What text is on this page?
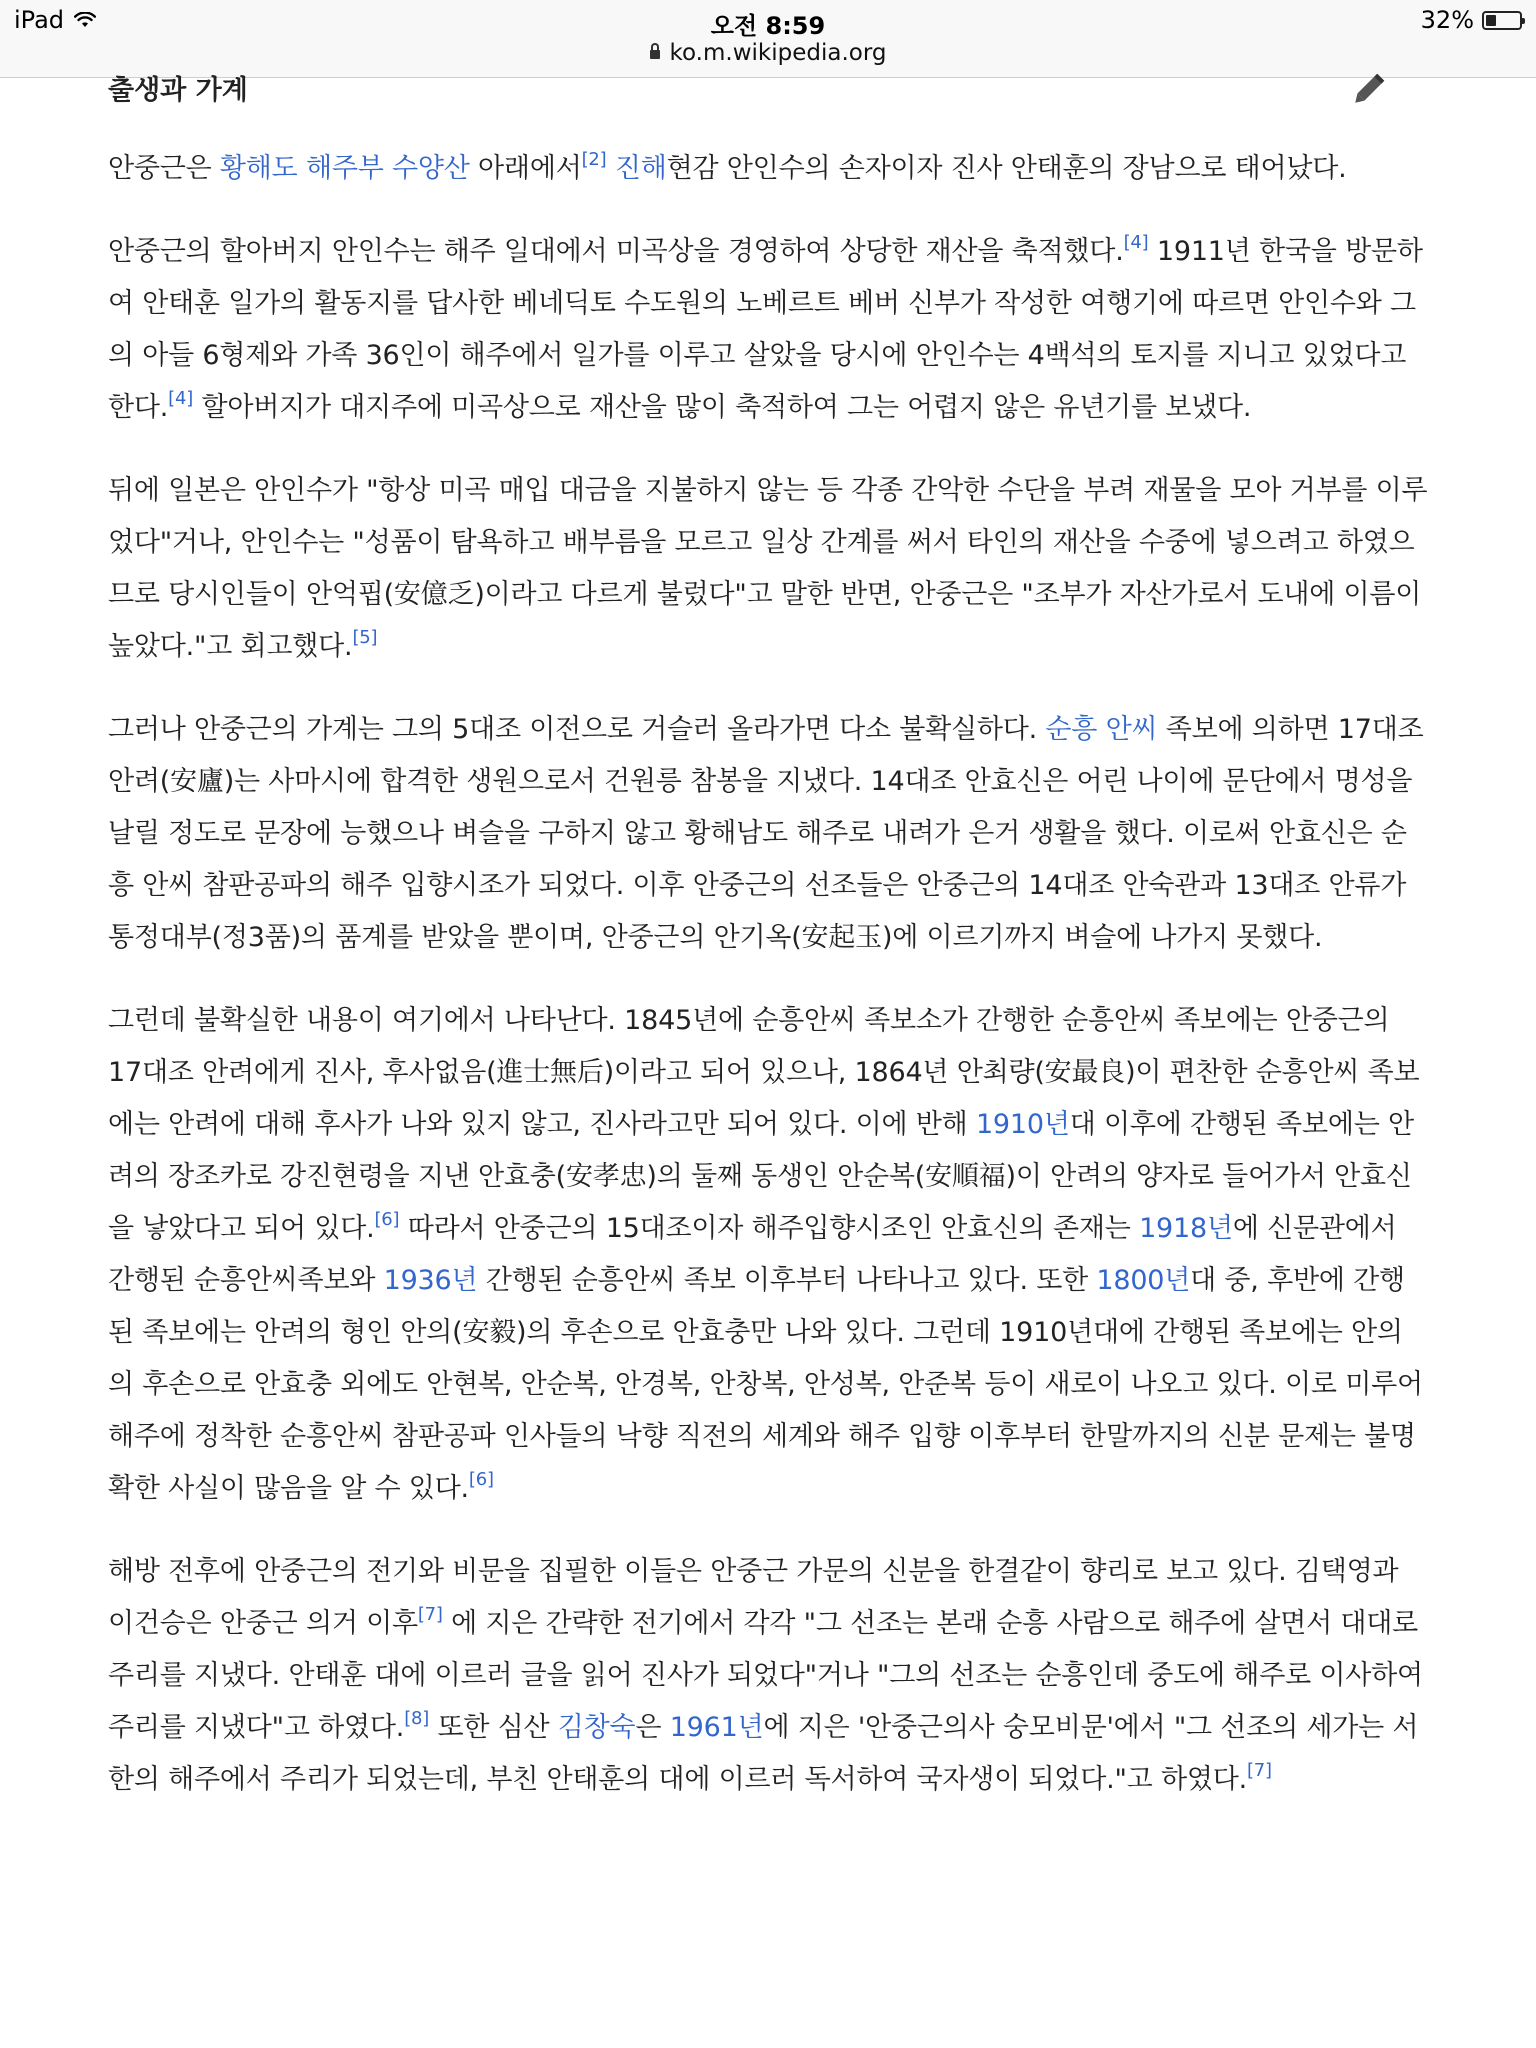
iPad	오전 8:59
ko.m.wikipedia.org
32%
출생과 가계

안중근은 황해도 해주부 수양산 아래에서[2] 진해현감 안인수의 손자이자 진사 안태훈의 장남으로 태어났다.

안중근의 할아버지 안인수는 해주 일대에서 미곡상을 경영하여 상당한 재산을 축적했다.[4] 1911년 한국을 방문하여 안태훈 일가의 활동지를 답사한 베네딕토 수도원의 노베르트 베버 신부가 작성한 여행기에 따르면 안인수와 그의 아들 6형제와 가족 36인이 해주에서 일가를 이루고 살았을 당시에 안인수는 4백석의 토지를 지니고 있었다고 한다.[4] 할아버지가 대지주에 미곡상으로 재산을 많이 축적하여 그는 어렵지 않은 유년기를 보냈다.

뒤에 일본은 안인수가 "항상 미곡 매입 대금을 지불하지 않는 등 각종 간악한 수단을 부려 재물을 모아 거부를 이루었다"거나, 안인수는 "성품이 탐욕하고 배부름을 모르고 일상 간계를 써서 타인의 재산을 수중에 넣으려고 하였으므로 당시인들이 안억핍(安億乏)이라고 다르게 불렀다"고 말한 반면, 안중근은 "조부가 자산가로서 도내에 이름이 높았다."고 회고했다.[5]

그러나 안중근의 가계는 그의 5대조 이전으로 거슬러 올라가면 다소 불확실하다. 순흥 안씨 족보에 의하면 17대조 안려(安廬)는 사마시에 합격한 생원으로서 건원릉 참봉을 지냈다. 14대조 안효신은 어린 나이에 문단에서 명성을 날릴 정도로 문장에 능했으나 벼슬을 구하지 않고 황해남도 해주로 내려가 은거 생활을 했다. 이로써 안효신은 순흥 안씨 참판공파의 해주 입향시조가 되었다. 이후 안중근의 선조들은 안중근의 14대조 안숙관과 13대조 안류가 통정대부(정3품)의 품계를 받았을 뿐이며, 안중근의 안기옥(安起玉)에 이르기까지 벼슬에 나가지 못했다.

그런데 불확실한 내용이 여기에서 나타난다. 1845년에 순흥안씨 족보소가 간행한 순흥안씨 족보에는 안중근의 17대조 안려에게 진사, 후사없음(進士無后)이라고 되어 있으나, 1864년 안최량(安最良)이 편찬한 순흥안씨 족보에는 안려에 대해 후사가 나와 있지 않고, 진사라고만 되어 있다. 이에 반해 1910년대 이후에 간행된 족보에는 안려의 장조카로 강진현령을 지낸 안효충(安孝忠)의 둘째 동생인 안순복(安順福)이 안려의 양자로 들어가서 안효신을 낳았다고 되어 있다.[6] 따라서 안중근의 15대조이자 해주입향시조인 안효신의 존재는 1918년에 신문관에서 간행된 순흥안씨족보와 1936년 간행된 순흥안씨 족보 이후부터 나타나고 있다. 또한 1800년대 중, 후반에 간행된 족보에는 안려의 형인 안의(安毅)의 후손으로 안효충만 나와 있다. 그런데 1910년대에 간행된 족보에는 안의의 후손으로 안효충 외에도 안현복, 안순복, 안경복, 안창복, 안성복, 안준복 등이 새로이 나오고 있다. 이로 미루어 해주에 정착한 순흥안씨 참판공파 인사들의 낙향 직전의 세계와 해주 입향 이후부터 한말까지의 신분 문제는 불명확한 사실이 많음을 알 수 있다.[6]

해방 전후에 안중근의 전기와 비문을 집필한 이들은 안중근 가문의 신분을 한결같이 향리로 보고 있다. 김택영과 이건승은 안중근 의거 이후[7] 에 지은 간략한 전기에서 각각 "그 선조는 본래 순흥 사람으로 해주에 살면서 대대로 주리를 지냈다. 안태훈 대에 이르러 글을 읽어 진사가 되었다"거나 "그의 선조는 순흥인데 중도에 해주로 이사하여 주리를 지냈다"고 하였다.[8] 또한 심산 김창숙은 1961년에 지은 '안중근의사 숭모비문'에서 "그 선조의 세가는 서한의 해주에서 주리가 되었는데, 부친 안태훈의 대에 이르러 독서하여 국자생이 되었다."고 하였다.[7]
